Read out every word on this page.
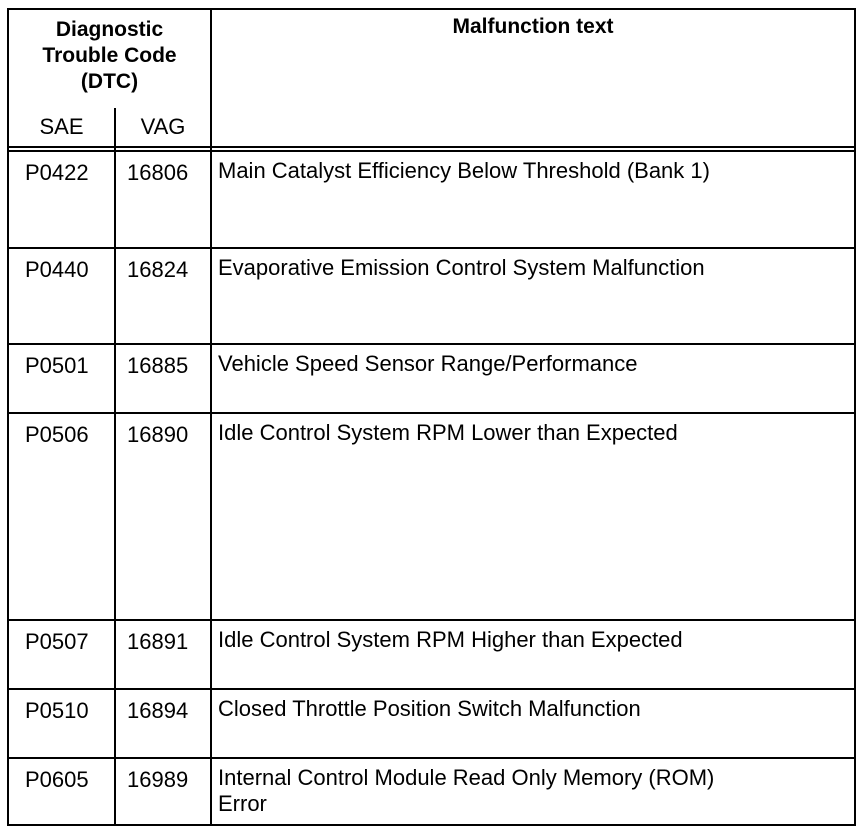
Diagnostic
Trouble Code
(DTC)
SAE	VAG
Malfunction text
P0422 16806 Main Catalyst Efficiency Below Threshold (Bank 1)
P0440 16824 Evaporative Emission Control System Malfunction
P0501 16885 Vehicle Speed Sensor Range/Performance
P0506 16890 Idle Control System RPM Lower than Expected
P0507 16891 Idle Control System RPM Higher than Expected
P0510 16894 Closed Throttle Position Switch Malfunction
P0605 16989 Internal Control Module Read Only Memory (ROM)
Error
